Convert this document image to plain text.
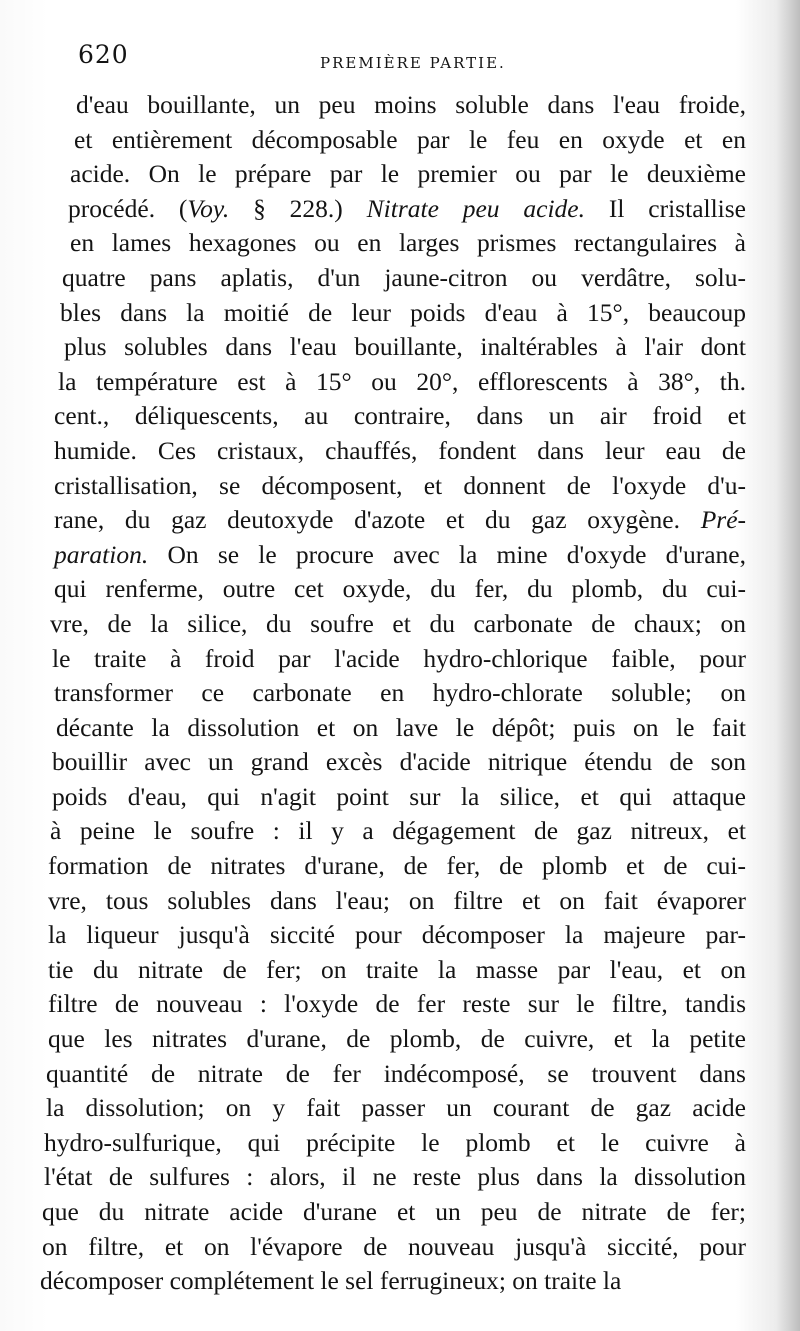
620	PREMIÈRE PARTIE.
d'eau bouillante, un peu moins soluble dans l'eau froide,
et entièrement décomposable par le feu en oxyde et en
acide. On le prépare par le premier ou par le deuxième
procédé. (Voy. § 228.) Nitrate peu acide. Il cristallise
en lames hexagones ou en larges prismes rectangulaires à
quatre pans aplatis, d'un jaune-citron ou verdâtre, solu-
bles dans la moitié de leur poids d'eau à 15°, beaucoup
plus solubles dans l'eau bouillante, inaltérables à l'air dont
la température est à 15° ou 20°, efflorescents à 38°, th.
cent., déliquescents, au contraire, dans un air froid et
humide. Ces cristaux, chauffés, fondent dans leur eau de
cristallisation, se décomposent, et donnent de l'oxyde d'u-
rane, du gaz deutoxyde d'azote et du gaz oxygène. Pré-
paration. On se le procure avec la mine d'oxyde d'urane,
qui renferme, outre cet oxyde, du fer, du plomb, du cui-
vre, de la silice, du soufre et du carbonate de chaux; on
le traite à froid par l'acide hydro-chlorique faible, pour
transformer ce carbonate en hydro-chlorate soluble; on
décante la dissolution et on lave le dépôt; puis on le fait
bouillir avec un grand excès d'acide nitrique étendu de son
poids d'eau, qui n'agit point sur la silice, et qui attaque
à peine le soufre : il y a dégagement de gaz nitreux, et
formation de nitrates d'urane, de fer, de plomb et de cui-
vre, tous solubles dans l'eau; on filtre et on fait évaporer
la liqueur jusqu'à siccité pour décomposer la majeure par-
tie du nitrate de fer; on traite la masse par l'eau, et on
filtre de nouveau : l'oxyde de fer reste sur le filtre, tandis
que les nitrates d'urane, de plomb, de cuivre, et la petite
quantité de nitrate de fer indécomposé, se trouvent dans
la dissolution; on y fait passer un courant de gaz acide
hydro-sulfurique, qui précipite le plomb et le cuivre à
l'état de sulfures : alors, il ne reste plus dans la dissolution
que du nitrate acide d'urane et un peu de nitrate de fer;
on filtre, et on l'évapore de nouveau jusqu'à siccité, pour
décomposer complétement le sel ferrugineux; on traite la
